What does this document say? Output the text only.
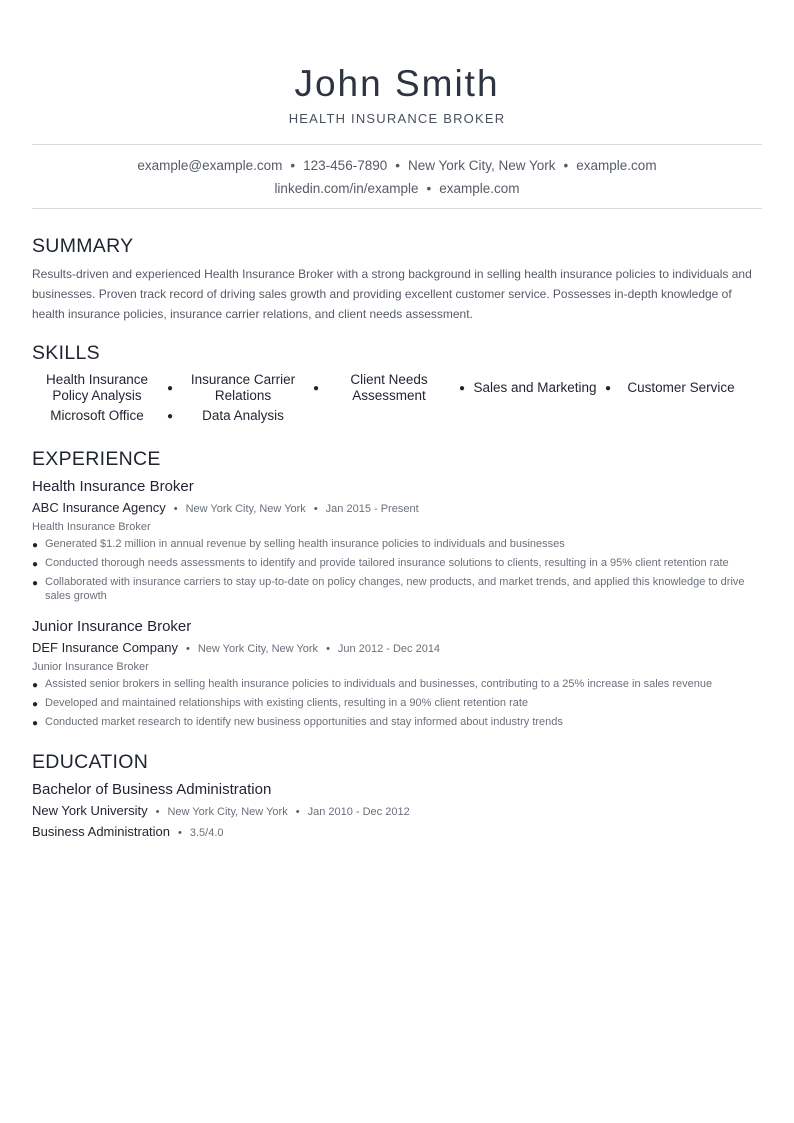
John Smith
HEALTH INSURANCE BROKER
example@example.com • 123-456-7890 • New York City, New York • example.com
linkedin.com/in/example • example.com
SUMMARY
Results-driven and experienced Health Insurance Broker with a strong background in selling health insurance policies to individuals and businesses. Proven track record of driving sales growth and providing excellent customer service. Possesses in-depth knowledge of health insurance policies, insurance carrier relations, and client needs assessment.
SKILLS
Health Insurance Policy Analysis	●
Insurance Carrier Relations	●
Client Needs Assessment	● Sales and Marketing ●	Customer Service
Microsoft Office	●	Data Analysis
EXPERIENCE
Health Insurance Broker
ABC Insurance Agency • New York City, New York • Jan 2015 - Present
Health Insurance Broker
● Generated $1.2 million in annual revenue by selling health insurance policies to individuals and businesses
● Conducted thorough needs assessments to identify and provide tailored insurance solutions to clients, resulting in a 95% client retention rate
● Collaborated with insurance carriers to stay up-to-date on policy changes, new products, and market trends, and applied this knowledge to drive sales growth
Junior Insurance Broker
DEF Insurance Company • New York City, New York • Jun 2012 - Dec 2014
Junior Insurance Broker
● Assisted senior brokers in selling health insurance policies to individuals and businesses, contributing to a 25% increase in sales revenue
● Developed and maintained relationships with existing clients, resulting in a 90% client retention rate
● Conducted market research to identify new business opportunities and stay informed about industry trends
EDUCATION
Bachelor of Business Administration
New York University • New York City, New York • Jan 2010 - Dec 2012
Business Administration • 3.5/4.0
